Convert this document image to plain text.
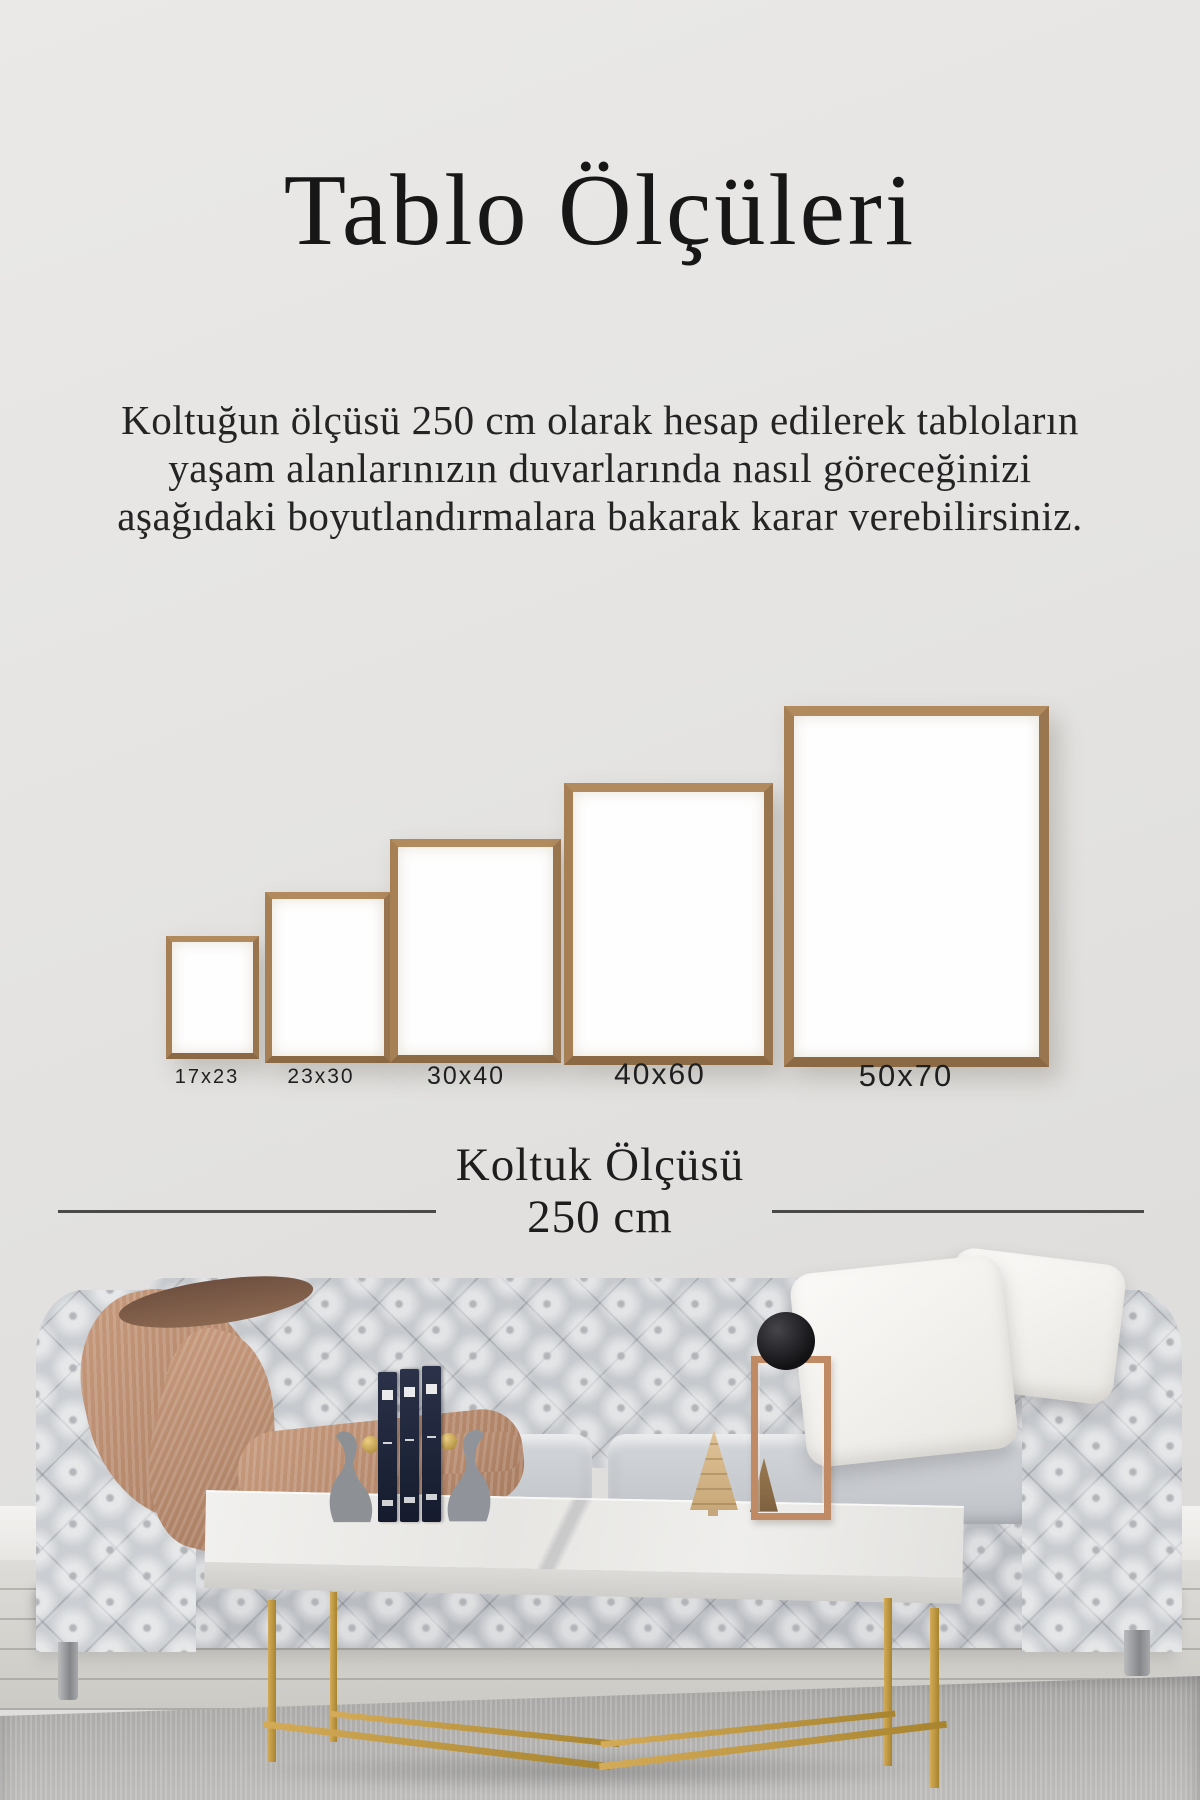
Tablo Ölçüleri
Koltuğun ölçüsü 250 cm olarak hesap edilerek tabloların
yaşam alanlarınızın duvarlarında nasıl göreceğinizi
aşağıdaki boyutlandırmalara bakarak karar verebilirsiniz.
17x23 23x30	30x40	40x60	50x70
Koltuk Ölçüsü
250 cm
